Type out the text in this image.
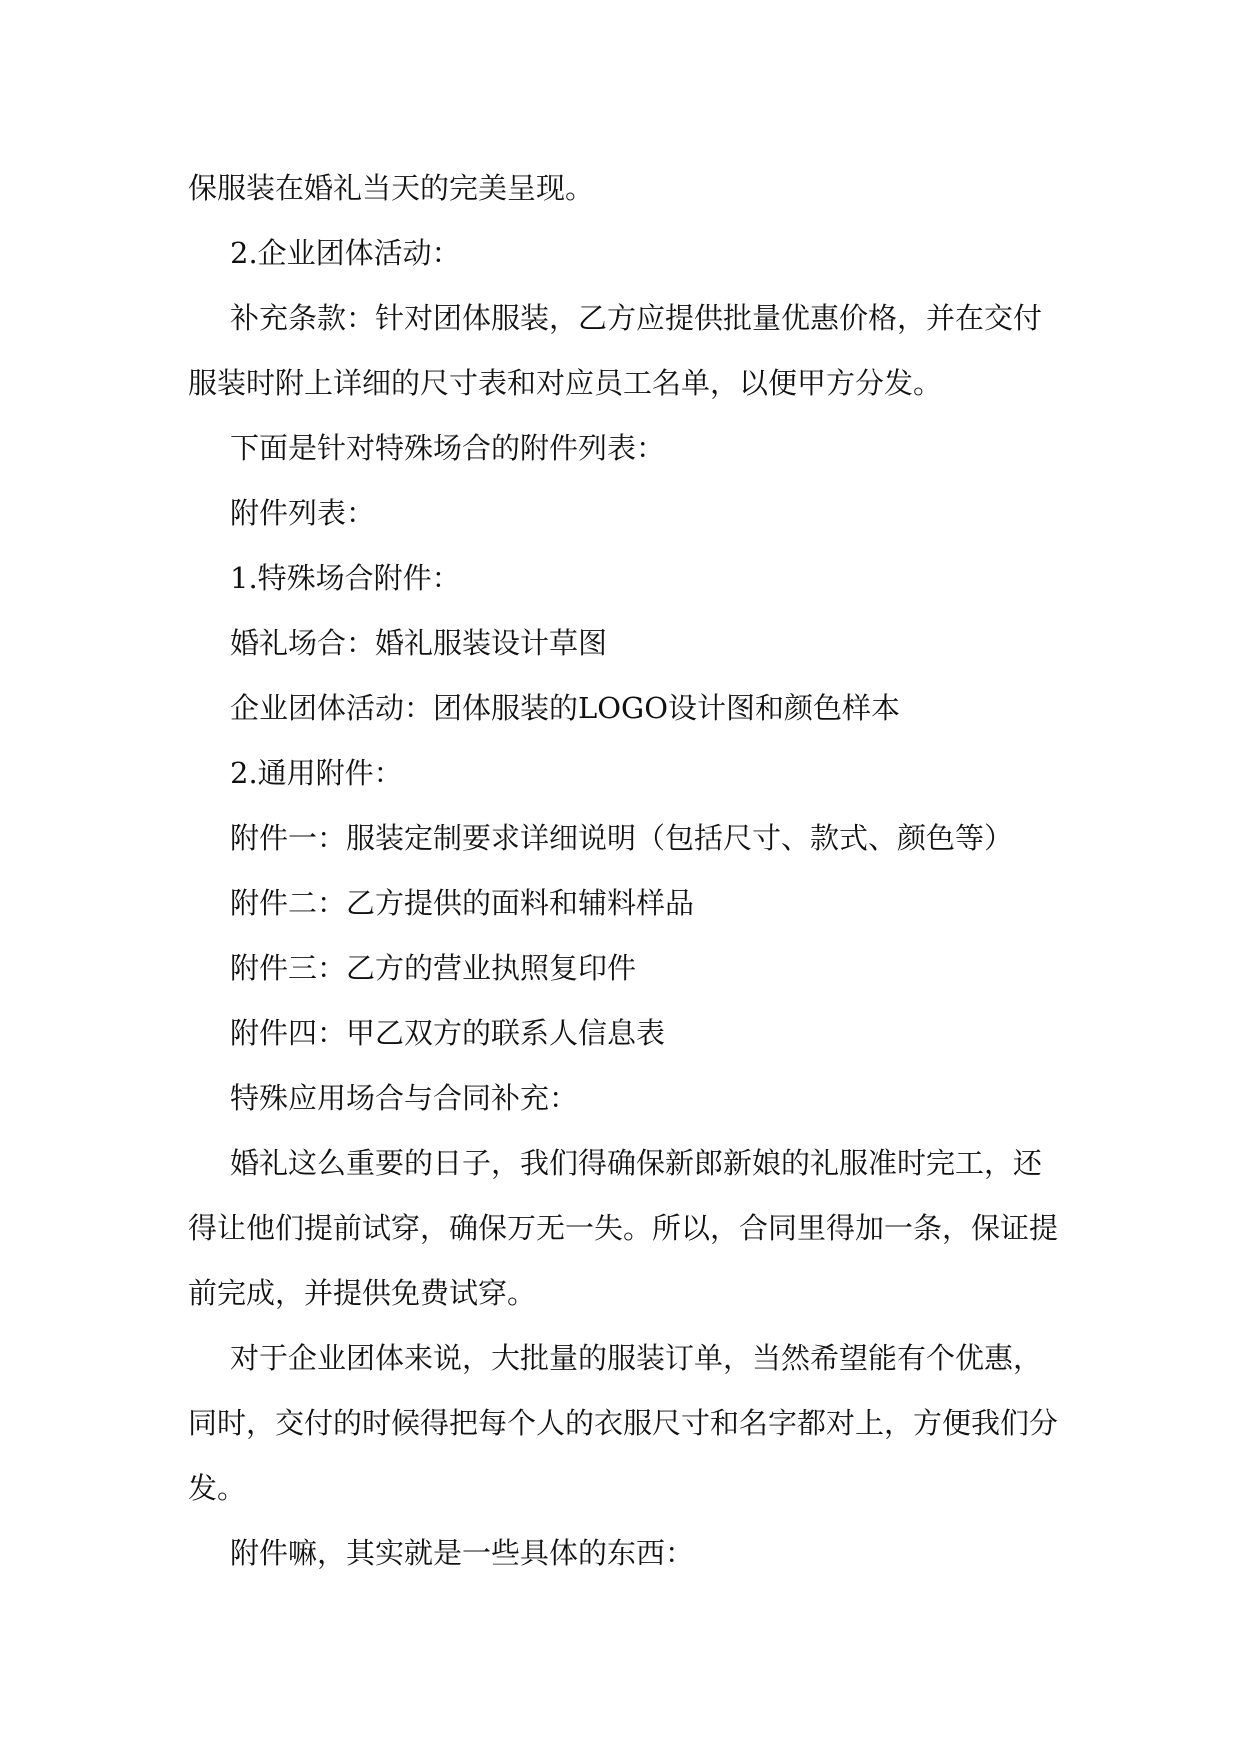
保服装在婚礼当天的完美呈现。

2.企业团体活动：

补充条款：针对团体服装，乙方应提供批量优惠价格，并在交付服装时附上详细的尺寸表和对应员工名单，以便甲方分发。

下面是针对特殊场合的附件列表：

附件列表：

1.特殊场合附件：

婚礼场合：婚礼服装设计草图

企业团体活动：团体服装的LOGO设计图和颜色样本

2.通用附件：

附件一：服装定制要求详细说明（包括尺寸、款式、颜色等）

附件二：乙方提供的面料和辅料样品

附件三：乙方的营业执照复印件

附件四：甲乙双方的联系人信息表

特殊应用场合与合同补充：

婚礼这么重要的日子，我们得确保新郎新娘的礼服准时完工，还得让他们提前试穿，确保万无一失。所以，合同里得加一条，保证提前完成，并提供免费试穿。

对于企业团体来说，大批量的服装订单，当然希望能有个优惠，同时，交付的时候得把每个人的衣服尺寸和名字都对上，方便我们分发。

附件嘛，其实就是一些具体的东西：
